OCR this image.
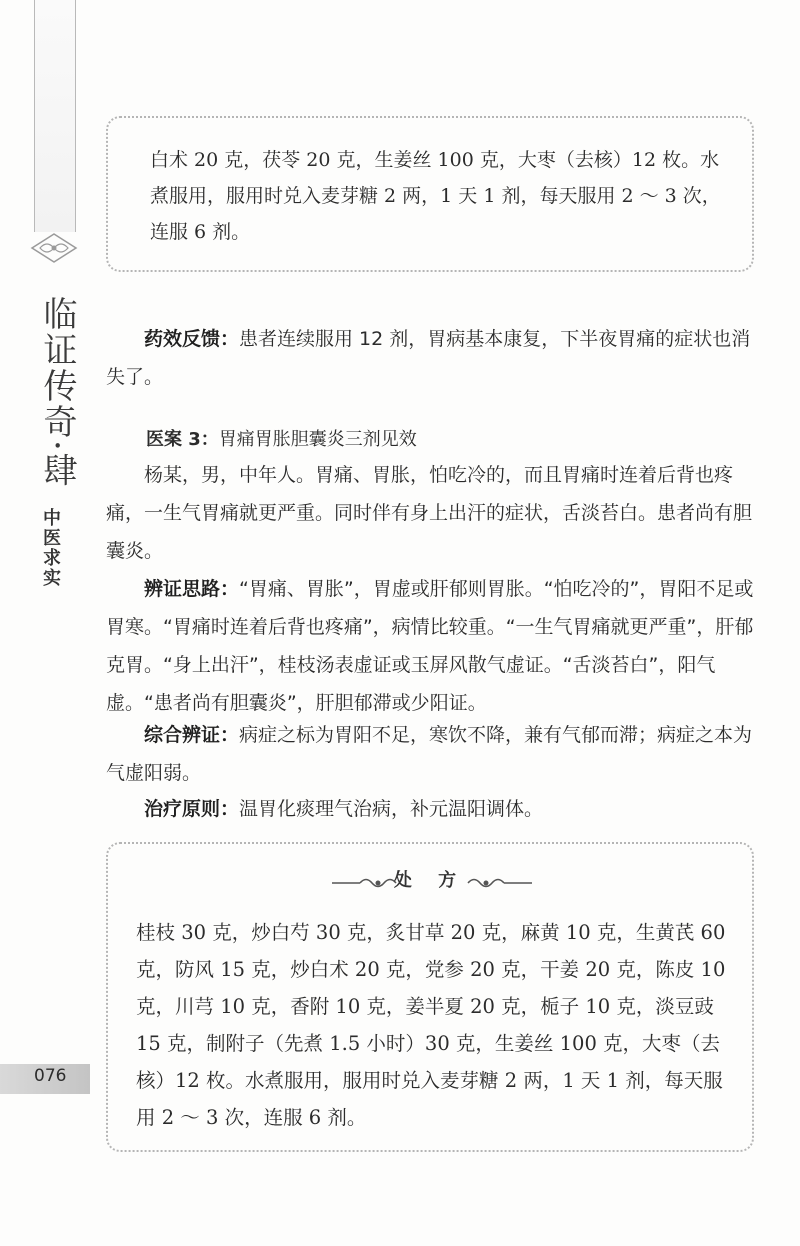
临证传奇·肆
中医求实
076

白术 20 克，茯苓 20 克，生姜丝 100 克，大枣（去核）12 枚。水煮服用，服用时兑入麦芽糖 2 两，1 天 1 剂，每天服用 2 ～ 3 次，连服 6 剂。

药效反馈：患者连续服用 12 剂，胃病基本康复，下半夜胃痛的症状也消失了。

医案 3：胃痛胃胀胆囊炎三剂见效

杨某，男，中年人。胃痛、胃胀，怕吃冷的，而且胃痛时连着后背也疼痛，一生气胃痛就更严重。同时伴有身上出汗的症状，舌淡苔白。患者尚有胆囊炎。

辨证思路：“胃痛、胃胀”，胃虚或肝郁则胃胀。“怕吃冷的”，胃阳不足或胃寒。“胃痛时连着后背也疼痛”，病情比较重。“一生气胃痛就更严重”，肝郁克胃。“身上出汗”，桂枝汤表虚证或玉屏风散气虚证。“舌淡苔白”，阳气虚。“患者尚有胆囊炎”，肝胆郁滞或少阳证。

综合辨证：病症之标为胃阳不足，寒饮不降，兼有气郁而滞；病症之本为气虚阳弱。

治疗原则：温胃化痰理气治病，补元温阳调体。

处 方

桂枝 30 克，炒白芍 30 克，炙甘草 20 克，麻黄 10 克，生黄芪 60 克，防风 15 克，炒白术 20 克，党参 20 克，干姜 20 克，陈皮 10 克，川芎 10 克，香附 10 克，姜半夏 20 克，栀子 10 克，淡豆豉 15 克，制附子（先煮 1.5 小时）30 克，生姜丝 100 克，大枣（去核）12 枚。水煮服用，服用时兑入麦芽糖 2 两，1 天 1 剂，每天服用 2 ～ 3 次，连服 6 剂。
